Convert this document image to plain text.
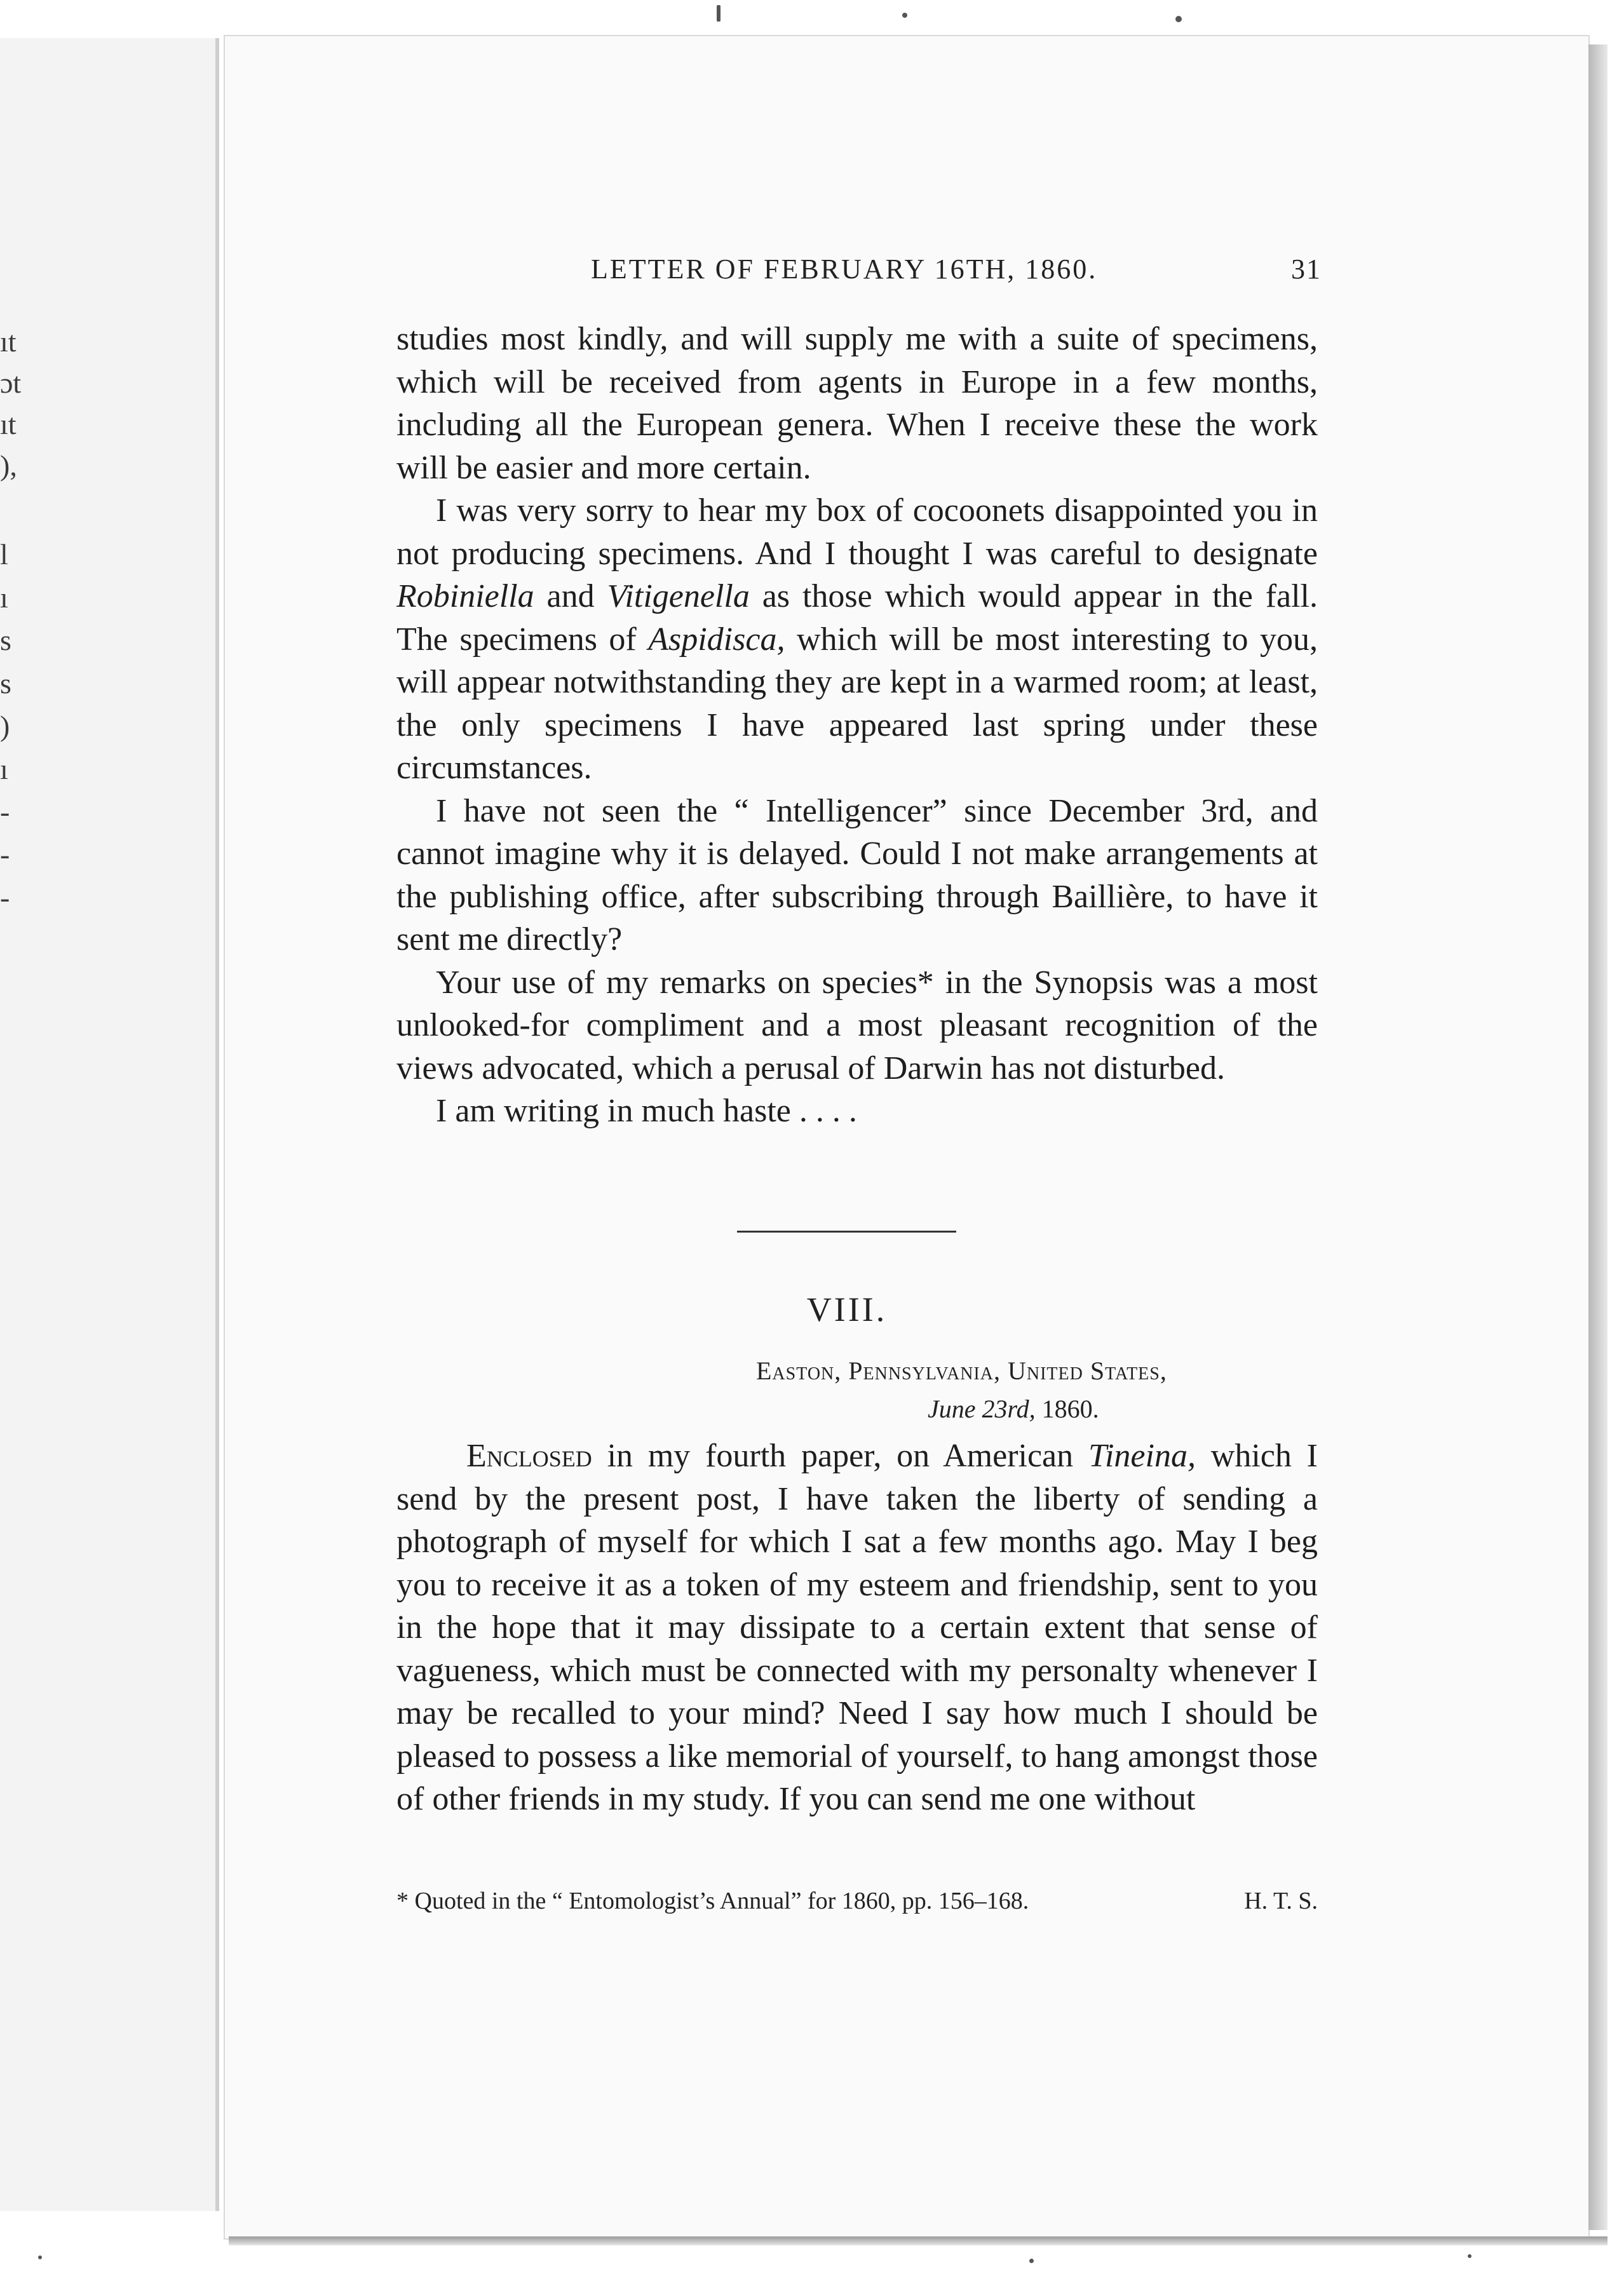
ıt
ɔt
ıt
),
l
ı
s
s
)
ı
-
-
-
LETTER OF FEBRUARY 16TH, 1860.	31

studies most kindly, and will supply me with a suite of specimens, which will be received from agents in Europe in a few months, including all the European genera. When I receive these the work will be easier and more certain.

I was very sorry to hear my box of cocoonets disappointed you in not producing specimens. And I thought I was careful to designate Robiniella and Vitigenella as those which would appear in the fall. The specimens of Aspidisca, which will be most interesting to you, will appear notwithstanding they are kept in a warmed room; at least, the only specimens I have appeared last spring under these circumstances.

I have not seen the “ Intelligencer” since December 3rd, and cannot imagine why it is delayed. Could I not make arrangements at the publishing office, after subscribing through Baillière, to have it sent me directly?

Your use of my remarks on species* in the Synopsis was a most unlooked-for compliment and a most pleasant recognition of the views advocated, which a perusal of Darwin has not disturbed.

I am writing in much haste . . . .

VIII.
Easton, Pennsylvania, United States,
June 23rd, 1860.

Enclosed in my fourth paper, on American Tineina, which I send by the present post, I have taken the liberty of sending a photograph of myself for which I sat a few months ago. May I beg you to receive it as a token of my esteem and friendship, sent to you in the hope that it may dissipate to a certain extent that sense of vagueness, which must be connected with my personalty whenever I may be recalled to your mind? Need I say how much I should be pleased to possess a like memorial of yourself, to hang amongst those of other friends in my study. If you can send me one without

* Quoted in the “ Entomologist’s Annual” for 1860, pp. 156–168.	H. T. S.
